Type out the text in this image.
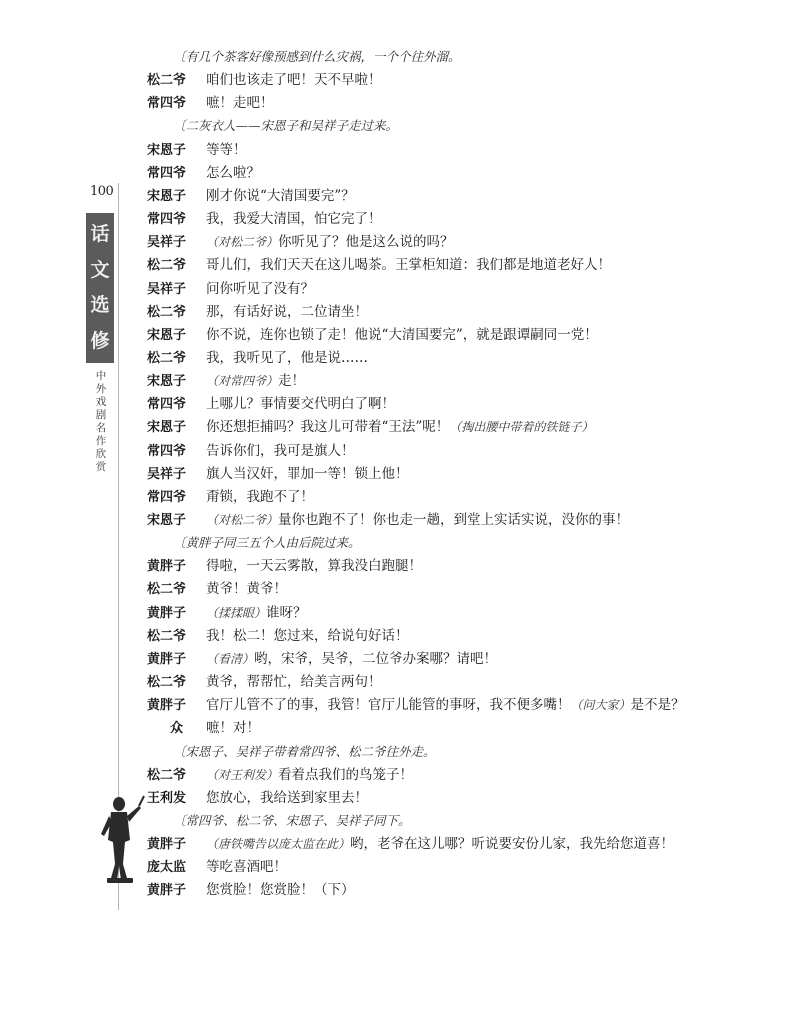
100
话
文
选
修
中外戏剧名作欣赏
〔有几个茶客好像预感到什么灾祸，一个个往外溜。
松二爷 咱们也该走了吧！天不早啦！
常四爷 嗻！走吧！
〔二灰衣人——宋恩子和吴祥子走过来。
宋恩子 等等！
常四爷 怎么啦？
宋恩子 刚才你说“大清国要完”？
常四爷 我，我爱大清国，怕它完了！
吴祥子 （对松二爷）你听见了？他是这么说的吗？
松二爷 哥儿们，我们天天在这儿喝茶。王掌柜知道：我们都是地道老好人！
吴祥子 问你听见了没有？
松二爷 那，有话好说，二位请坐！
宋恩子 你不说，连你也锁了走！他说“大清国要完”，就是跟谭嗣同一党！
松二爷 我，我听见了，他是说……
宋恩子 （对常四爷）走！
常四爷 上哪儿？事情要交代明白了啊！
宋恩子 你还想拒捕吗？我这儿可带着“王法”呢！（掏出腰中带着的铁链子）
常四爷 告诉你们，我可是旗人！
吴祥子 旗人当汉奸，罪加一等！锁上他！
常四爷 甭锁，我跑不了！
宋恩子 （对松二爷）量你也跑不了！你也走一趟，到堂上实话实说，没你的事！
〔黄胖子同三五个人由后院过来。
黄胖子 得啦，一天云雾散，算我没白跑腿！
松二爷 黄爷！黄爷！
黄胖子 （揉揉眼）谁呀？
松二爷 我！松二！您过来，给说句好话！
黄胖子 （看清）哟，宋爷，吴爷，二位爷办案哪？请吧！
松二爷 黄爷，帮帮忙，给美言两句！
黄胖子 官厅儿管不了的事，我管！官厅儿能管的事呀，我不便多嘴！（问大家）是不是？
众 嗻！对！
〔宋恩子、吴祥子带着常四爷、松二爷往外走。
松二爷 （对王利发）看着点我们的鸟笼子！
王利发 您放心，我给送到家里去！
〔常四爷、松二爷、宋恩子、吴祥子同下。
黄胖子 （唐铁嘴告以庞太监在此）哟，老爷在这儿哪？听说要安份儿家，我先给您道喜！
庞太监 等吃喜酒吧！
黄胖子 您赏脸！您赏脸！（下）
